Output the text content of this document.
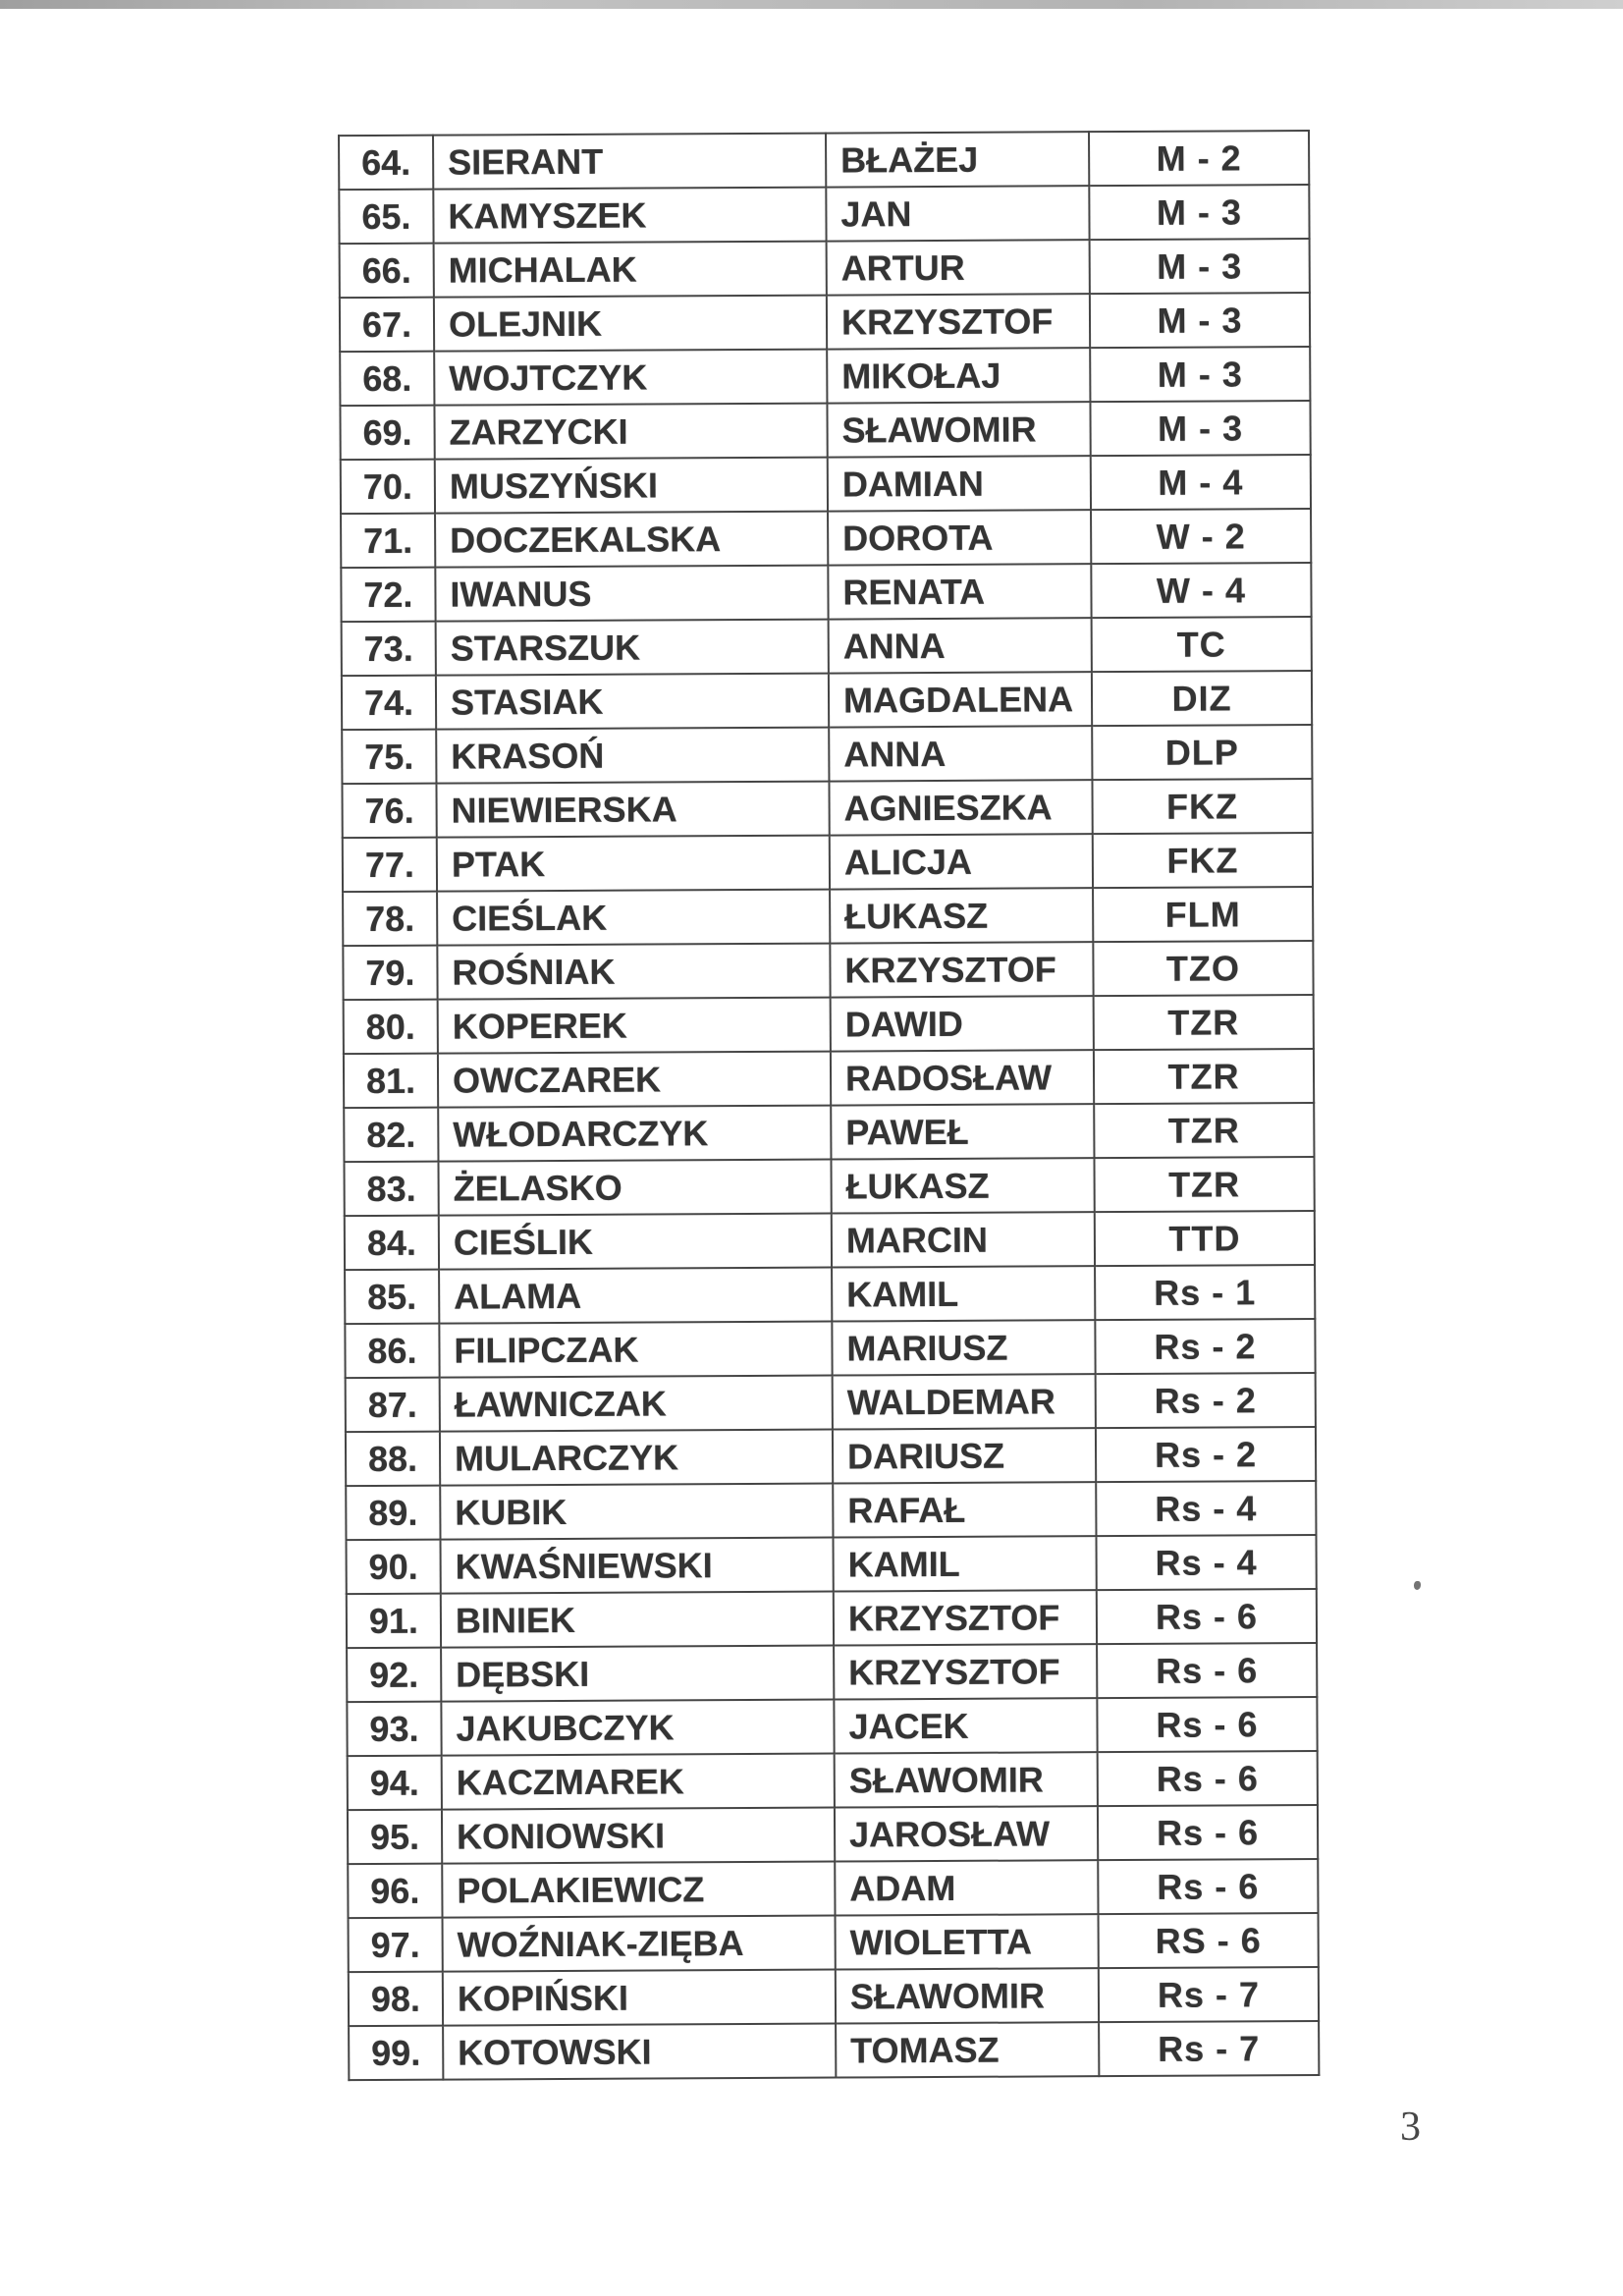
64.	SIERANT	BŁAŻEJ	M - 2
65.	KAMYSZEK	JAN	M - 3
66.	MICHALAK	ARTUR	M - 3
67.	OLEJNIK	KRZYSZTOF	M - 3
68.	WOJTCZYK	MIKOŁAJ	M - 3
69.	ZARZYCKI	SŁAWOMIR	M - 3
70.	MUSZYŃSKI	DAMIAN	M - 4
71.	DOCZEKALSKA	DOROTA	W - 2
72.	IWANUS	RENATA	W - 4
73.	STARSZUK	ANNA	TC
74.	STASIAK	MAGDALENA	DIZ
75.	KRASOŃ	ANNA	DLP
76.	NIEWIERSKA	AGNIESZKA	FKZ
77.	PTAK	ALICJA	FKZ
78.	CIEŚLAK	ŁUKASZ	FLM
79.	ROŚNIAK	KRZYSZTOF	TZO
80.	KOPEREK	DAWID	TZR
81.	OWCZAREK	RADOSŁAW	TZR
82.	WŁODARCZYK	PAWEŁ	TZR
83.	ŻELASKO	ŁUKASZ	TZR
84.	CIEŚLIK	MARCIN	TTD
85.	ALAMA	KAMIL	Rs - 1
86.	FILIPCZAK	MARIUSZ	Rs - 2
87.	ŁAWNICZAK	WALDEMAR	Rs - 2
88.	MULARCZYK	DARIUSZ	Rs - 2
89.	KUBIK	RAFAŁ	Rs - 4
90.	KWAŚNIEWSKI	KAMIL	Rs - 4
91.	BINIEK	KRZYSZTOF	Rs - 6
92.	DĘBSKI	KRZYSZTOF	Rs - 6
93.	JAKUBCZYK	JACEK	Rs - 6
94.	KACZMAREK	SŁAWOMIR	Rs - 6
95.	KONIOWSKI	JAROSŁAW	Rs - 6
96.	POLAKIEWICZ	ADAM	Rs - 6
97.	WOŹNIAK-ZIĘBA	WIOLETTA	RS - 6
98.	KOPIŃSKI	SŁAWOMIR	Rs - 7
99.	KOTOWSKI	TOMASZ	Rs - 7
3
